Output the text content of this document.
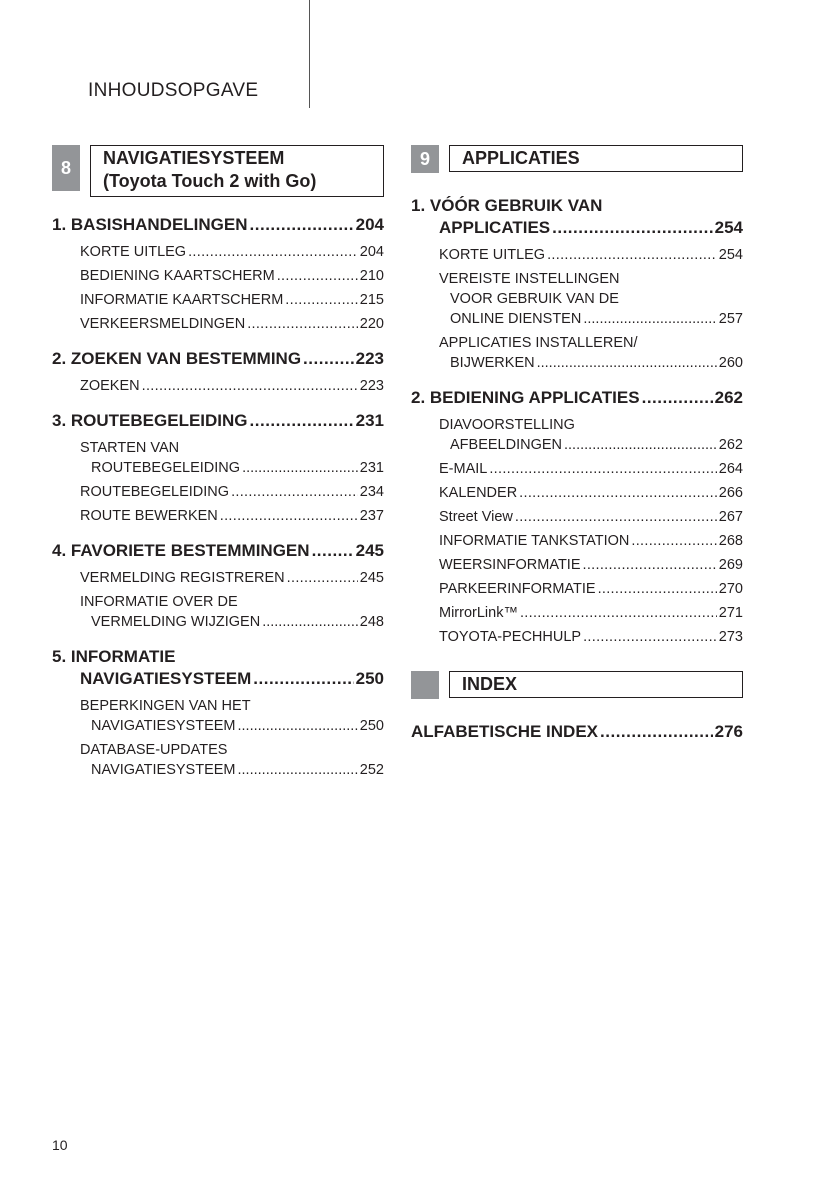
INHOUDSOPGAVE
8	NAVIGATIESYSTEEM
(Toyota Touch 2 with Go)
1. BASISHANDELINGEN .....	204
KORTE UITLEG .....	204
BEDIENING KAARTSCHERM .....	210
INFORMATIE KAARTSCHERM .....	215
VERKEERSMELDINGEN .....	220
2. ZOEKEN VAN BESTEMMING .....	223
ZOEKEN .....	223
3. ROUTEBEGELEIDING .....	231
STARTEN VAN
ROUTEBEGELEIDING .....	231
ROUTEBEGELEIDING .....	234
ROUTE BEWERKEN .....	237
4. FAVORIETE BESTEMMINGEN .....	245
VERMELDING REGISTREREN .....	245
INFORMATIE OVER DE
VERMELDING WIJZIGEN .....	248
5. INFORMATIE
NAVIGATIESYSTEEM .....	250
BEPERKINGEN VAN HET
NAVIGATIESYSTEEM .....	250
DATABASE-UPDATES
NAVIGATIESYSTEEM .....	252
9	APPLICATIES
1. VÓÓR GEBRUIK VAN
APPLICATIES .....	254
KORTE UITLEG .....	254
VEREISTE INSTELLINGEN
VOOR GEBRUIK VAN DE
ONLINE DIENSTEN .....	257
APPLICATIES INSTALLEREN/
BIJWERKEN .....	260
2. BEDIENING APPLICATIES .....	262
DIAVOORSTELLING
AFBEELDINGEN .....	262
E-MAIL .....	264
KALENDER .....	266
Street View .....	267
INFORMATIE TANKSTATION .....	268
WEERSINFORMATIE .....	269
PARKEERINFORMATIE .....	270
MirrorLink™ .....	271
TOYOTA-PECHHULP .....	273
INDEX
ALFABETISCHE INDEX .....	276
10
